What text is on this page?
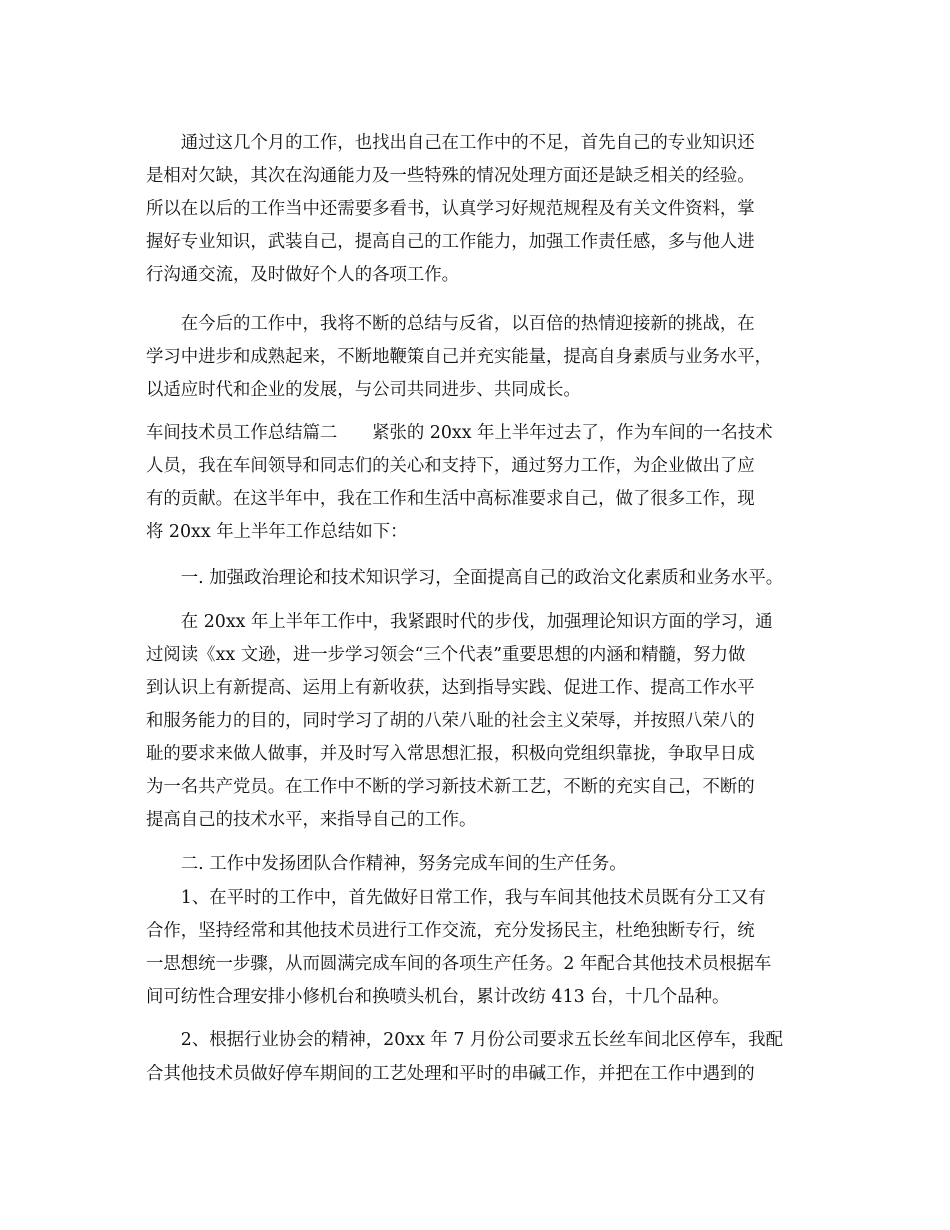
　　通过这几个月的工作，也找出自己在工作中的不足，首先自己的专业知识还
是相对欠缺，其次在沟通能力及一些特殊的情况处理方面还是缺乏相关的经验。
所以在以后的工作当中还需要多看书，认真学习好规范规程及有关文件资料，掌
握好专业知识，武装自己，提高自己的工作能力，加强工作责任感，多与他人进
行沟通交流，及时做好个人的各项工作。
　　在今后的工作中，我将不断的总结与反省，以百倍的热情迎接新的挑战，在
学习中进步和成熟起来，不断地鞭策自己并充实能量，提高自身素质与业务水平，
以适应时代和企业的发展，与公司共同进步、共同成长。
车间技术员工作总结篇二　　紧张的 20xx 年上半年过去了，作为车间的一名技术
人员，我在车间领导和同志们的关心和支持下，通过努力工作，为企业做出了应
有的贡献。在这半年中，我在工作和生活中高标准要求自己，做了很多工作，现
将 20xx 年上半年工作总结如下：
　　一. 加强政治理论和技术知识学习，全面提高自己的政治文化素质和业务水平。
　　在 20xx 年上半年工作中，我紧跟时代的步伐，加强理论知识方面的学习，通
过阅读《xx 文逊，进一步学习领会“三个代表”重要思想的内涵和精髓，努力做
到认识上有新提高、运用上有新收获，达到指导实践、促进工作、提高工作水平
和服务能力的目的，同时学习了胡的八荣八耻的社会主义荣辱，并按照八荣八的
耻的要求来做人做事，并及时写入常思想汇报，积极向党组织靠拢，争取早日成
为一名共产党员。在工作中不断的学习新技术新工艺，不断的充实自己，不断的
提高自己的技术水平，来指导自己的工作。
　　二. 工作中发扬团队合作精神，努务完成车间的生产任务。
　　1、在平时的工作中，首先做好日常工作，我与车间其他技术员既有分工又有
合作，坚持经常和其他技术员进行工作交流，充分发扬民主，杜绝独断专行，统
一思想统一步骤，从而圆满完成车间的各项生产任务。2 年配合其他技术员根据车
间可纺性合理安排小修机台和换喷头机台，累计改纺 413 台，十几个品种。
　　2、根据行业协会的精神，20xx 年 7 月份公司要求五长丝车间北区停车，我配
合其他技术员做好停车期间的工艺处理和平时的串碱工作，并把在工作中遇到的
